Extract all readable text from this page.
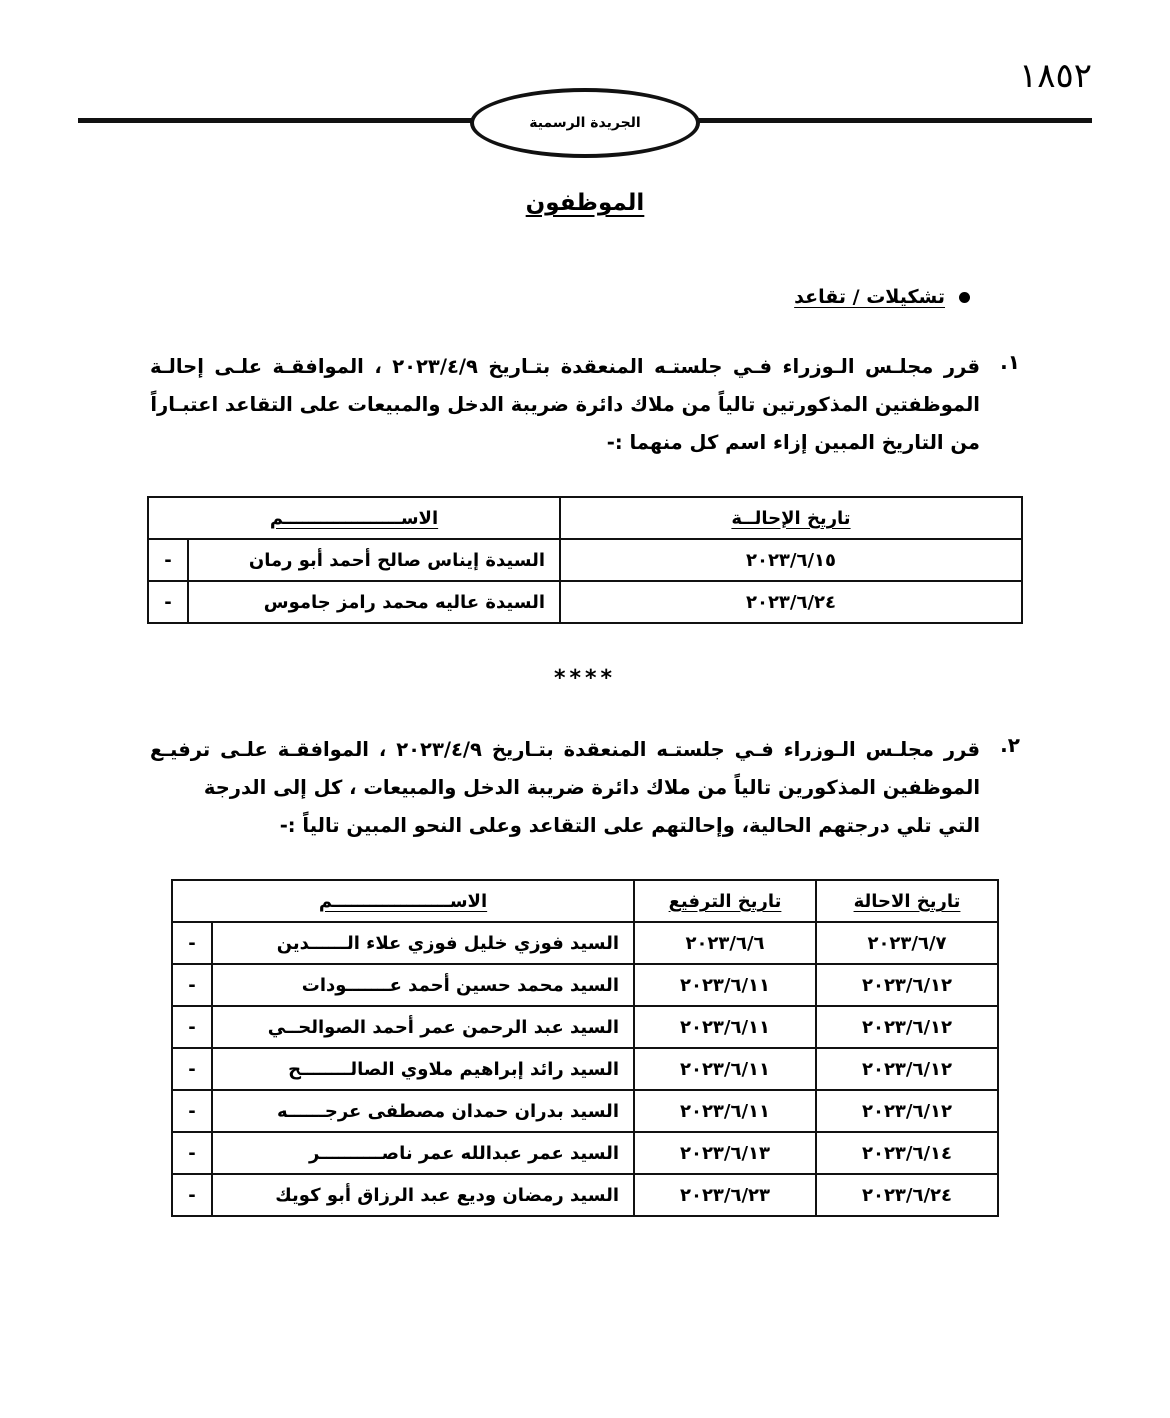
١٨٥٢
الجريدة الرسمية
الموظفون
تشكيلات / تقاعد
١.
قرر مجلـس الـوزراء فـي جلستـه المنعقدة بتـاريخ ٢٠٢٣/٤/٩ ، الموافقـة علـى إحالـة الموظفتين المذكورتين تالياً من ملاك دائرة ضريبة الدخل والمبيعات على التقاعد اعتبـاراً
من التاريخ المبين إزاء اسم كل منهما :-
تاريخ الإحالــة	الاســـــــــــــــــــم	
٢٠٢٣/٦/١٥	السيدة إيناس صالح أحمد أبو رمان	-
٢٠٢٣/٦/٢٤	السيدة عاليه محمد رامز جاموس	-
****
٢.
قرر مجلـس الـوزراء فـي جلستـه المنعقدة بتـاريخ ٢٠٢٣/٤/٩ ، الموافقـة علـى ترفيـع الموظفين المذكورين تالياً من ملاك دائرة ضريبة الدخل والمبيعات ، كل إلى الدرجة
التي تلي درجتهم الحالية، وإحالتهم على التقاعد وعلى النحو المبين تالياً :-
تاريخ الاحالة	تاريخ الترفيع	الاســـــــــــــــــــم	
٢٠٢٣/٦/٧	٢٠٢٣/٦/٦	السيد فوزي خليل فوزي علاء الــــــدين	-
٢٠٢٣/٦/١٢	٢٠٢٣/٦/١١	السيد محمد حسين أحمد عـــــــودات	-
٢٠٢٣/٦/١٢	٢٠٢٣/٦/١١	السيد عبد الرحمن عمر أحمد الصوالحــي	-
٢٠٢٣/٦/١٢	٢٠٢٣/٦/١١	السيد رائد إبراهيم ملاوي الصالــــــــح	-
٢٠٢٣/٦/١٢	٢٠٢٣/٦/١١	السيد بدران حمدان مصطفى عرجــــــه	-
٢٠٢٣/٦/١٤	٢٠٢٣/٦/١٣	السيد عمر عبدالله عمر ناصــــــــــر	-
٢٠٢٣/٦/٢٤	٢٠٢٣/٦/٢٣	السيد رمضان وديع عبد الرزاق أبو كويك	-
